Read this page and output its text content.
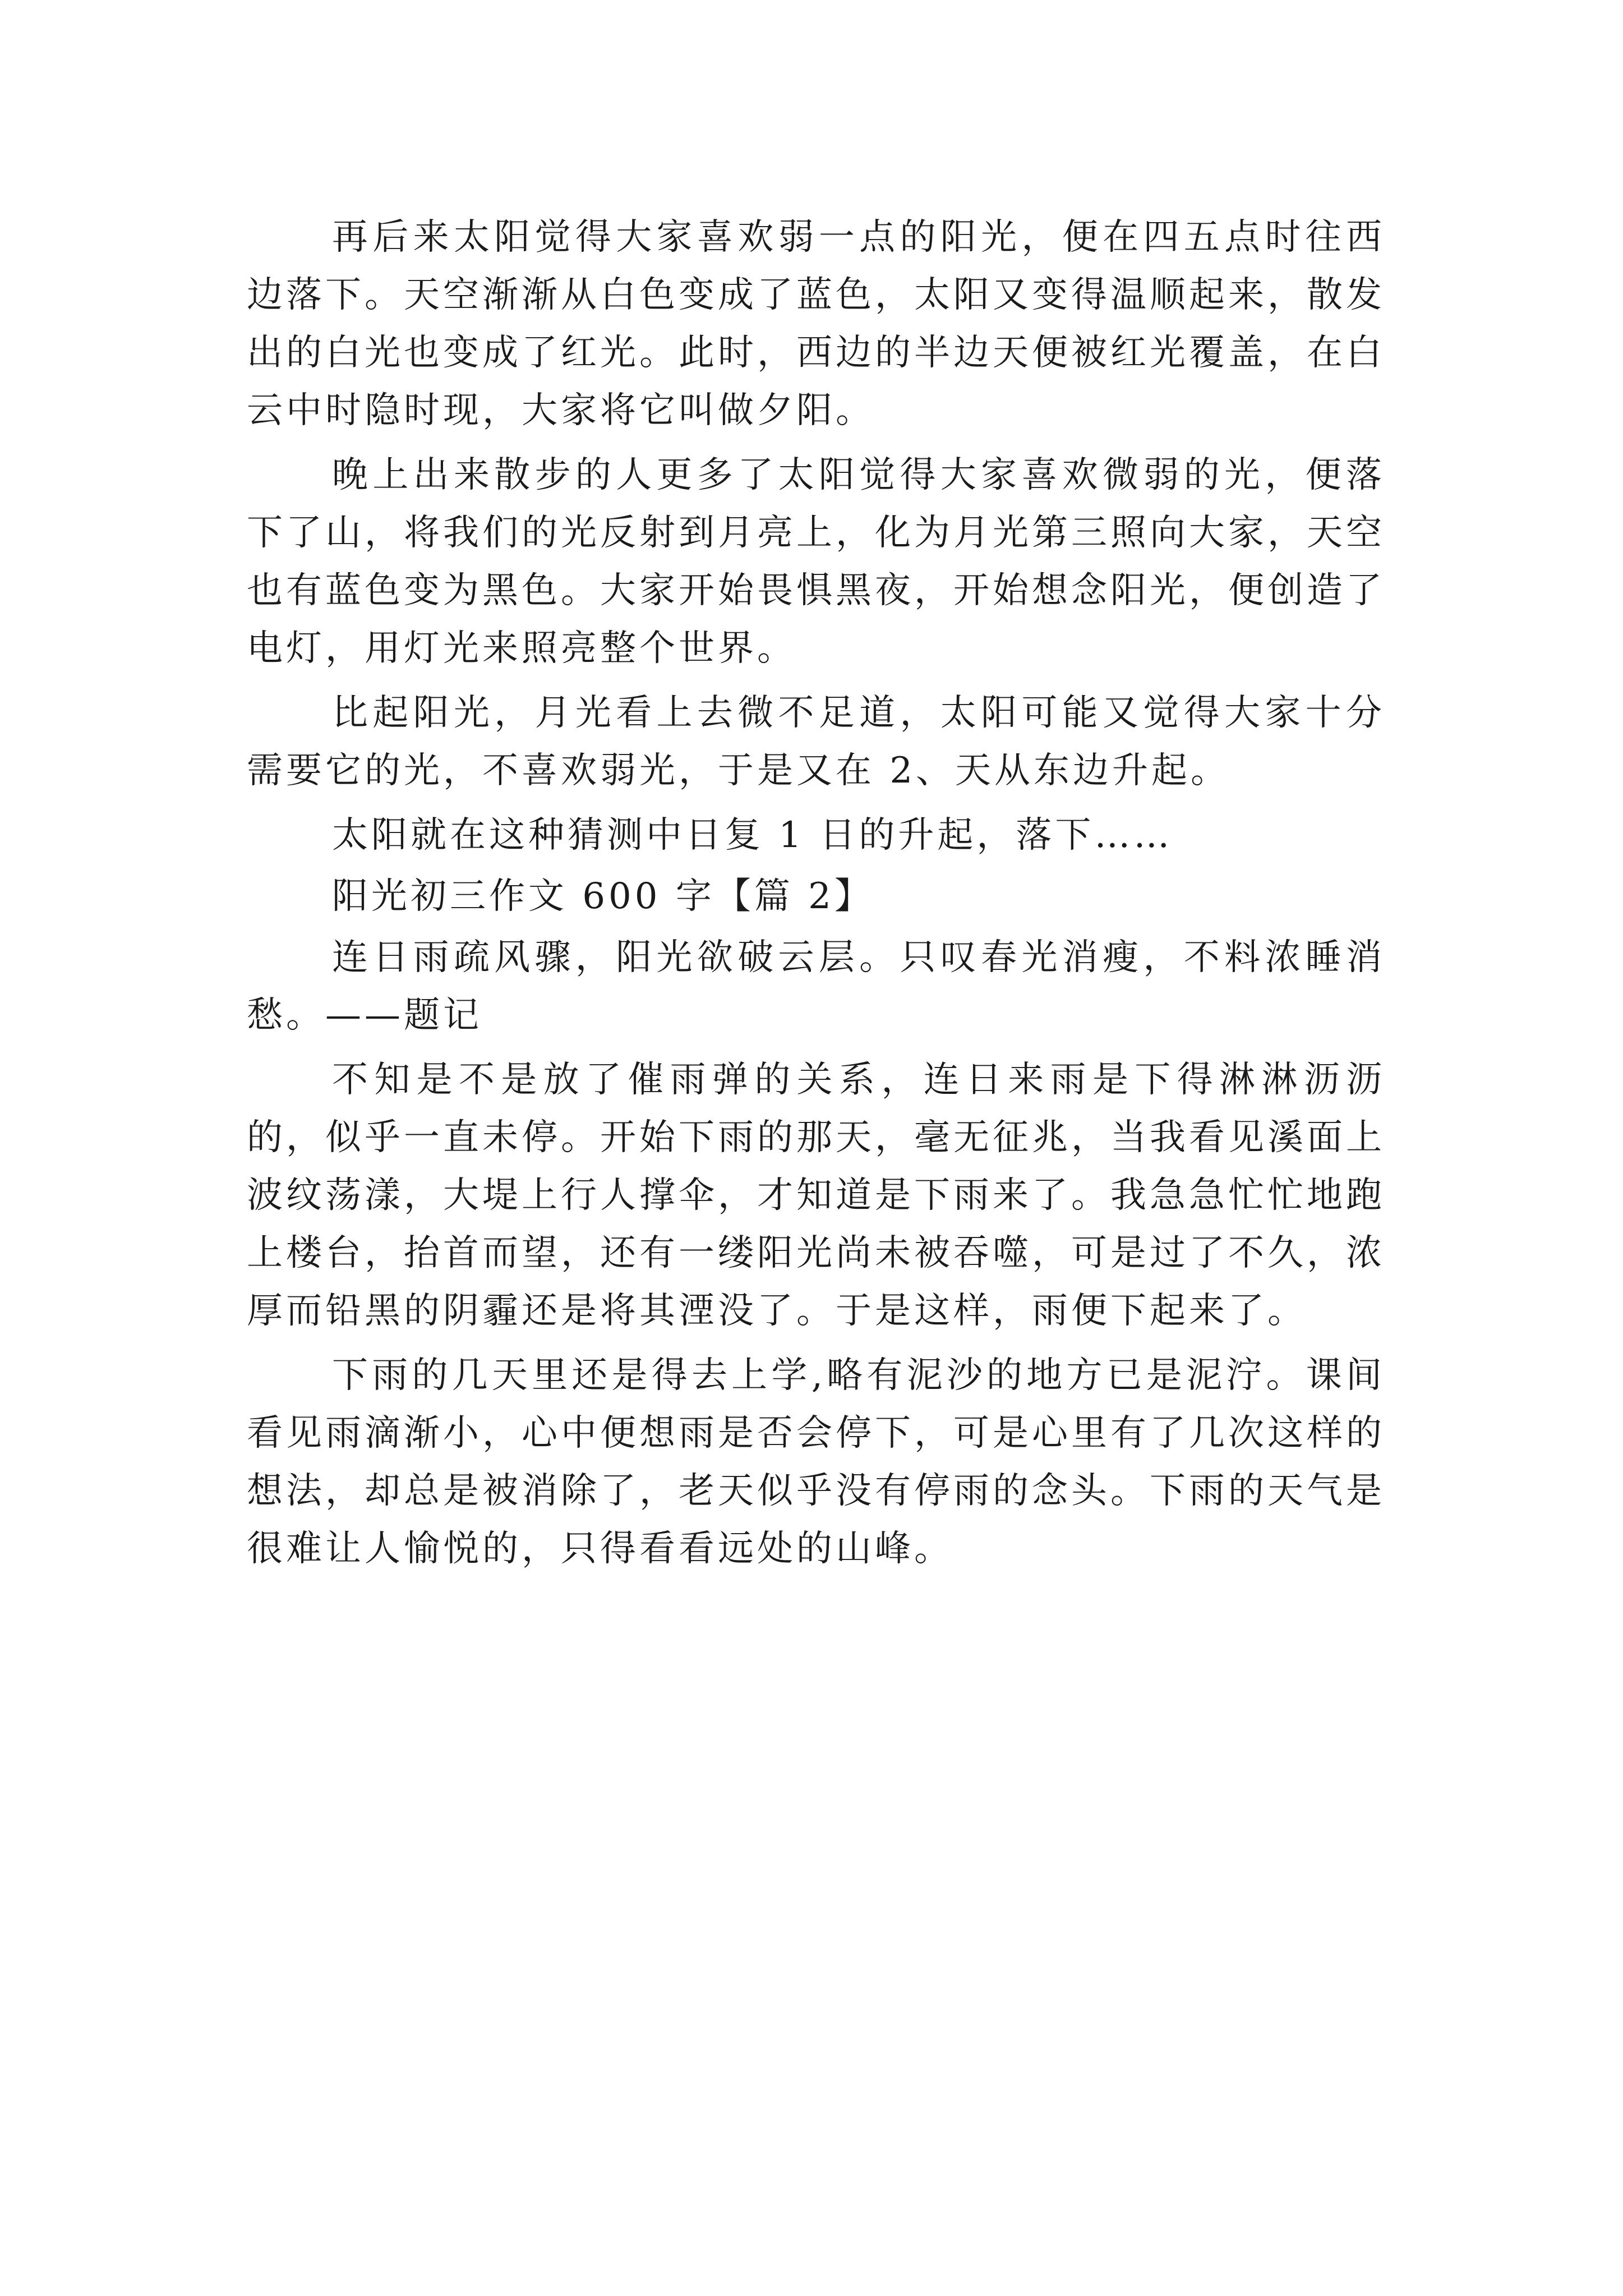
再后来太阳觉得大家喜欢弱一点的阳光，便在四五点时往西边落下。天空渐渐从白色变成了蓝色，太阳又变得温顺起来，散发出的白光也变成了红光。此时，西边的半边天便被红光覆盖，在白云中时隐时现，大家将它叫做夕阳。

晚上出来散步的人更多了太阳觉得大家喜欢微弱的光，便落下了山，将我们的光反射到月亮上，化为月光第三照向大家，天空也有蓝色变为黑色。大家开始畏惧黑夜，开始想念阳光，便创造了电灯，用灯光来照亮整个世界。

比起阳光，月光看上去微不足道，太阳可能又觉得大家十分需要它的光，不喜欢弱光，于是又在 2、天从东边升起。

太阳就在这种猜测中日复 1 日的升起，落下……

阳光初三作文 600 字【篇 2】

连日雨疏风骤，阳光欲破云层。只叹春光消瘦，不料浓睡消愁。——题记

不知是不是放了催雨弹的关系，连日来雨是下得淋淋沥沥的，似乎一直未停。开始下雨的那天，毫无征兆，当我看见溪面上波纹荡漾，大堤上行人撑伞，才知道是下雨来了。我急急忙忙地跑上楼台，抬首而望，还有一缕阳光尚未被吞噬，可是过了不久，浓厚而铅黑的阴霾还是将其湮没了。于是这样，雨便下起来了。

下雨的几天里还是得去上学,略有泥沙的地方已是泥泞。课间看见雨滴渐小，心中便想雨是否会停下，可是心里有了几次这样的想法，却总是被消除了，老天似乎没有停雨的念头。下雨的天气是很难让人愉悦的，只得看看远处的山峰。
